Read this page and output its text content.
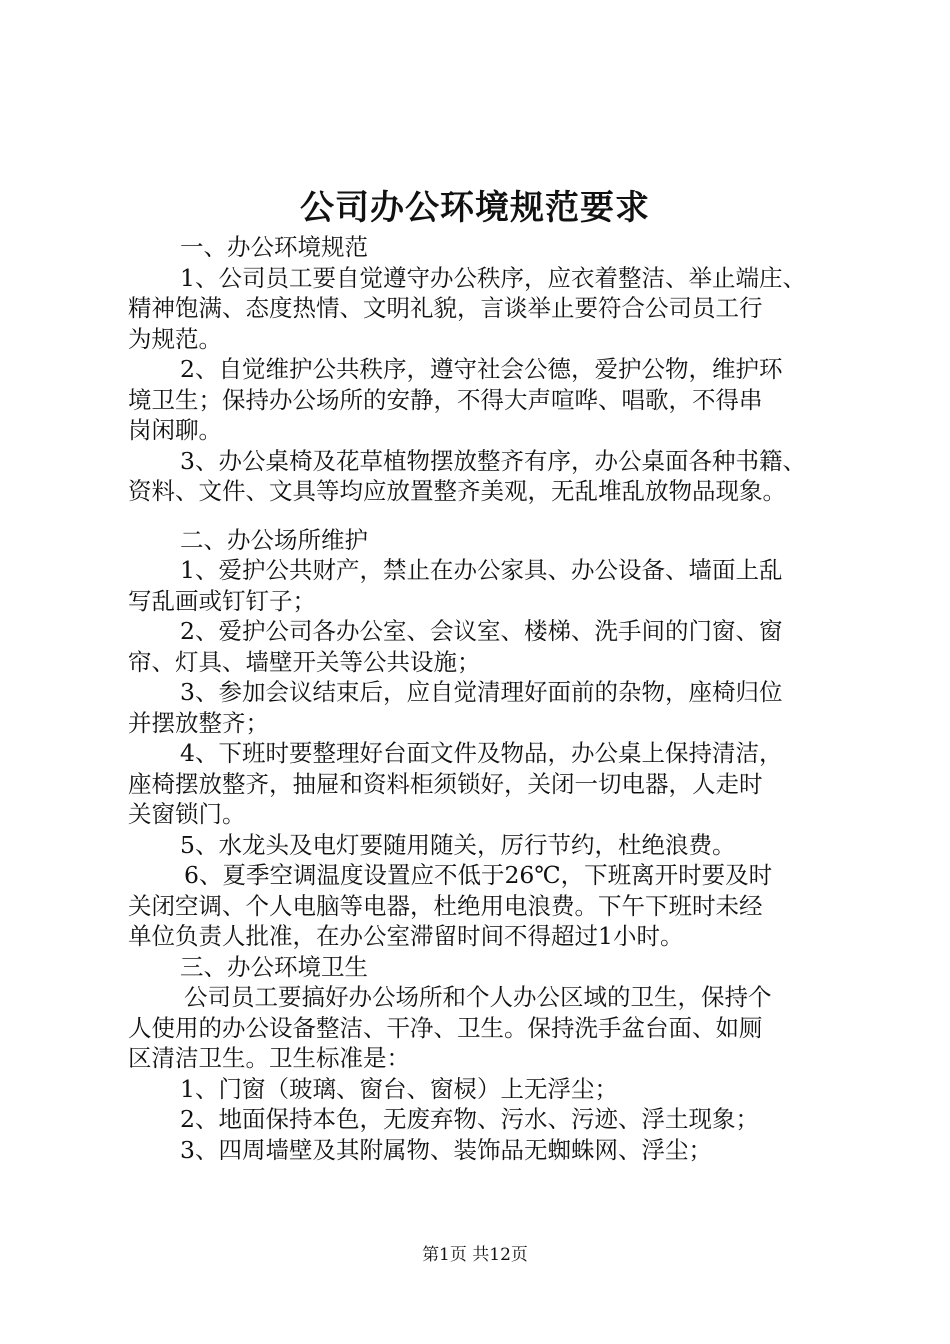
公司办公环境规范要求
一、办公环境规范
1、公司员工要自觉遵守办公秩序，应衣着整洁、举止端庄、
精神饱满、态度热情、文明礼貌，言谈举止要符合公司员工行
为规范。
2、自觉维护公共秩序，遵守社会公德，爱护公物，维护环
境卫生；保持办公场所的安静，不得大声喧哗、唱歌，不得串
岗闲聊。
3、办公桌椅及花草植物摆放整齐有序，办公桌面各种书籍、
资料、文件、文具等均应放置整齐美观，无乱堆乱放物品现象。
二、办公场所维护
1、爱护公共财产，禁止在办公家具、办公设备、墙面上乱
写乱画或钉钉子；
2、爱护公司各办公室、会议室、楼梯、洗手间的门窗、窗
帘、灯具、墙壁开关等公共设施；
3、参加会议结束后，应自觉清理好面前的杂物，座椅归位
并摆放整齐；
4、下班时要整理好台面文件及物品，办公桌上保持清洁，
座椅摆放整齐，抽屉和资料柜须锁好，关闭一切电器，人走时
关窗锁门。
5、水龙头及电灯要随用随关，厉行节约，杜绝浪费。
6、夏季空调温度设置应不低于26℃，下班离开时要及时
关闭空调、个人电脑等电器，杜绝用电浪费。下午下班时未经
单位负责人批准，在办公室滞留时间不得超过1小时。
三、办公环境卫生
公司员工要搞好办公场所和个人办公区域的卫生，保持个
人使用的办公设备整洁、干净、卫生。保持洗手盆台面、如厕
区清洁卫生。卫生标准是：
1、门窗（玻璃、窗台、窗棂）上无浮尘；
2、地面保持本色，无废弃物、污水、污迹、浮土现象；
3、四周墙壁及其附属物、装饰品无蜘蛛网、浮尘；
第1页 共12页
